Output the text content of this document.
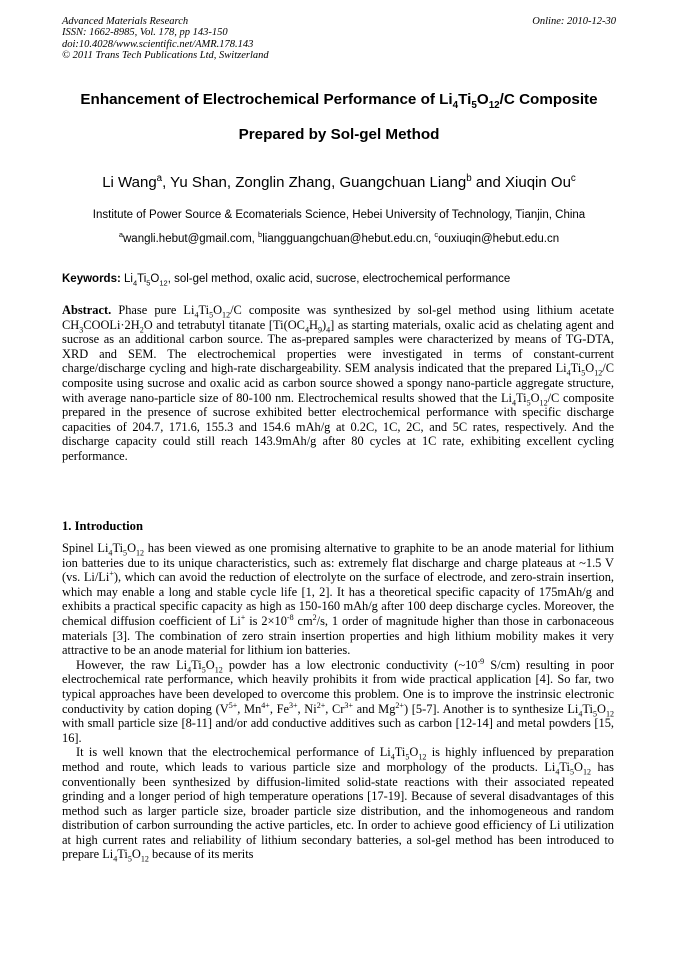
Advanced Materials Research
ISSN: 1662-8985, Vol. 178, pp 143-150
doi:10.4028/www.scientific.net/AMR.178.143
© 2011 Trans Tech Publications Ltd, Switzerland
Online: 2010-12-30
Enhancement of Electrochemical Performance of $Li_4Ti_5O_{12}/C$ Composite
Prepared by Sol-gel Method
Li Wang$^a$, Yu Shan, Zonglin Zhang, Guangchuan Liang$^b$ and Xiuqin Ou$^c$
Institute of Power Source & Ecomaterials Science, Hebei University of Technology, Tianjin, China
$^a$wangli.hebut@gmail.com, $^b$liangguangchuan@hebut.edu.cn, $^c$ouxiuqin@hebut.edu.cn
Keywords: $Li_4Ti_5O_{12}$, sol-gel method, oxalic acid, sucrose, electrochemical performance
Abstract. Phase pure $Li_4Ti_5O_{12}/C$ composite was synthesized by sol-gel method using lithium acetate $CH_3COOLi\cdot 2H_2O$ and tetrabutyl titanate $[Ti(OC_4H_9)_4]$ as starting materials, oxalic acid as chelating agent and sucrose as an additional carbon source. The as-prepared samples were characterized by means of TG-DTA, XRD and SEM. The electrochemical properties were investigated in terms of constant-current charge/discharge cycling and high-rate dischargeability. SEM analysis indicated that the prepared $Li_4Ti_5O_{12}/C$ composite using sucrose and oxalic acid as carbon source showed a spongy nano-particle aggregate structure, with average nano-particle size of 80-100 nm. Electrochemical results showed that the $Li_4Ti_5O_{12}/C$ composite prepared in the presence of sucrose exhibited better electrochemical performance with specific discharge capacities of 204.7, 171.6, 155.3 and 154.6 mAh/g at 0.2C, 1C, 2C, and 5C rates, respectively. And the discharge capacity could still reach 143.9mAh/g after 80 cycles at 1C rate, exhibiting excellent cycling performance.
1. Introduction

Spinel $Li_4Ti_5O_{12}$ has been viewed as one promising alternative to graphite to be an anode material for lithium ion batteries due to its unique characteristics, such as: extremely flat discharge and charge plateaus at ~1.5 V (vs. Li/Li+), which can avoid the reduction of electrolyte on the surface of electrode, and zero-strain insertion, which may enable a long and stable cycle life [1, 2]. It has a theoretical specific capacity of 175mAh/g and exhibits a practical specific capacity as high as 150-160 mAh/g after 100 deep discharge cycles. Moreover, the chemical diffusion coefficient of Li+ is $2\times 10^{-8}$ $cm^2/s$, 1 order of magnitude higher than those in carbonaceous materials [3]. The combination of zero strain insertion properties and high lithium mobility makes it very attractive to be an anode material for lithium ion batteries.

However, the raw $Li_4Ti_5O_{12}$ powder has a low electronic conductivity ($\sim 10^{-9}$ S/cm) resulting in poor electrochemical rate performance, which heavily prohibits it from wide practical application [4]. So far, two typical approaches have been developed to overcome this problem. One is to improve the instrinsic electronic conductivity by cation doping ($V^{5+}$, $Mn^{4+}$, $Fe^{3+}$, $Ni^{2+}$, $Cr^{3+}$ and $Mg^{2+}$) [5-7]. Another is to synthesize $Li_4Ti_5O_{12}$ with small particle size [8-11] and/or add conductive additives such as carbon [12-14] and metal powders [15, 16].

It is well known that the electrochemical performance of $Li_4Ti_5O_{12}$ is highly influenced by preparation method and route, which leads to various particle size and morphology of the products. $Li_4Ti_5O_{12}$ has conventionally been synthesized by diffusion-limited solid-state reactions with their associated repeated grinding and a longer period of high temperature operations [17-19]. Because of several disadvantages of this method such as larger particle size, broader particle size distribution, and the inhomogeneous and random distribution of carbon surrounding the active particles, etc. In order to achieve good efficiency of Li utilization at high current rates and reliability of lithium secondary batteries, a sol-gel method has been introduced to prepare $Li_4Ti_5O_{12}$ because of its merits
